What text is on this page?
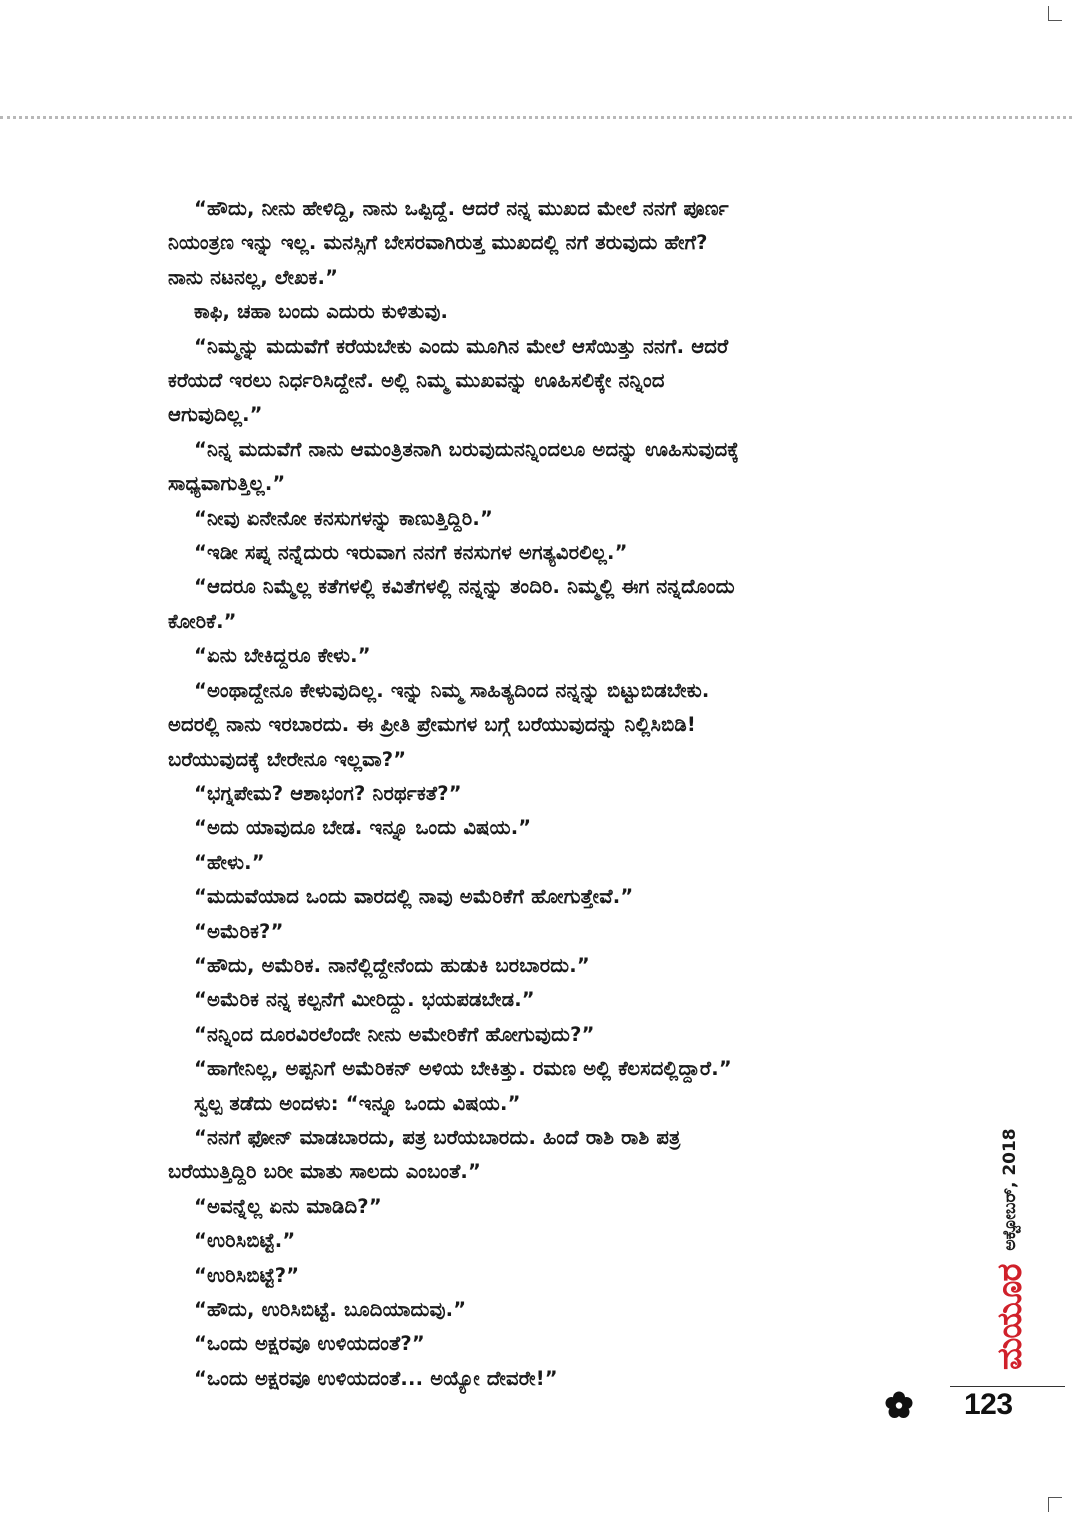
“ಹೌದು, ನೀನು ಹೇಳಿದ್ದಿ, ನಾನು ಒಪ್ಪಿದ್ದೆ. ಆದರೆ ನನ್ನ ಮುಖದ ಮೇಲೆ ನನಗೆ ಪೂರ್ಣ
ನಿಯಂತ್ರಣ ಇನ್ನು ಇಲ್ಲ. ಮನಸ್ಸಿಗೆ ಬೇಸರವಾಗಿರುತ್ತ ಮುಖದಲ್ಲಿ ನಗೆ ತರುವುದು ಹೇಗೆ?
ನಾನು ನಟನಲ್ಲ, ಲೇಖಕ.”

ಕಾಫಿ, ಚಹಾ ಬಂದು ಎದುರು ಕುಳಿತುವು.

“ನಿಮ್ಮನ್ನು ಮದುವೆಗೆ ಕರೆಯಬೇಕು ಎಂದು ಮೂಗಿನ ಮೇಲೆ ಆಸೆಯಿತ್ತು ನನಗೆ. ಆದರೆ
ಕರೆಯದೆ ಇರಲು ನಿರ್ಧರಿಸಿದ್ದೇನೆ. ಅಲ್ಲಿ ನಿಮ್ಮ ಮುಖವನ್ನು ಊಹಿಸಲಿಕ್ಕೇ ನನ್ನಿಂದ
ಆಗುವುದಿಲ್ಲ.”

“ನಿನ್ನ ಮದುವೆಗೆ ನಾನು ಆಮಂತ್ರಿತನಾಗಿ ಬರುವುದುನನ್ನಿಂದಲೂ ಅದನ್ನು ಊಹಿಸುವುದಕ್ಕೆ
ಸಾಧ್ಯವಾಗುತ್ತಿಲ್ಲ.”

“ನೀವು ಏನೇನೋ ಕನಸುಗಳನ್ನು ಕಾಣುತ್ತಿದ್ದಿರಿ.”

“ಇಡೀ ಸಪ್ನ ನನ್ನೆದುರು ಇರುವಾಗ ನನಗೆ ಕನಸುಗಳ ಅಗತ್ಯವಿರಲಿಲ್ಲ.”

“ಆದರೂ ನಿಮ್ಮೆಲ್ಲ ಕತೆಗಳಲ್ಲಿ ಕವಿತೆಗಳಲ್ಲಿ ನನ್ನನ್ನು ತಂದಿರಿ. ನಿಮ್ಮಲ್ಲಿ ಈಗ ನನ್ನದೊಂದು
ಕೋರಿಕೆ.”

“ಏನು ಬೇಕಿದ್ದರೂ ಕೇಳು.”

“ಅಂಥಾದ್ದೇನೂ ಕೇಳುವುದಿಲ್ಲ. ಇನ್ನು ನಿಮ್ಮ ಸಾಹಿತ್ಯದಿಂದ ನನ್ನನ್ನು ಬಿಟ್ಟುಬಿಡಬೇಕು.
ಅದರಲ್ಲಿ ನಾನು ಇರಬಾರದು. ಈ ಪ್ರೀತಿ ಪ್ರೇಮಗಳ ಬಗ್ಗೆ ಬರೆಯುವುದನ್ನು ನಿಲ್ಲಿಸಿಬಿಡಿ!
ಬರೆಯುವುದಕ್ಕೆ ಬೇರೇನೂ ಇಲ್ಲವಾ?”

“ಭಗ್ನಪೇಮ? ಆಶಾಭಂಗ? ನಿರರ್ಥಕತೆ?”

“ಅದು ಯಾವುದೂ ಬೇಡ. ಇನ್ನೂ ಒಂದು ವಿಷಯ.”

“ಹೇಳು.”

“ಮದುವೆಯಾದ ಒಂದು ವಾರದಲ್ಲಿ ನಾವು ಅಮೆರಿಕೆಗೆ ಹೋಗುತ್ತೇವೆ.”

“ಅಮೆರಿಕ?”

“ಹೌದು, ಅಮೆರಿಕ. ನಾನೆಲ್ಲಿದ್ದೇನೆಂದು ಹುಡುಕಿ ಬರಬಾರದು.”

“ಅಮೆರಿಕ ನನ್ನ ಕಲ್ಪನೆಗೆ ಮೀರಿದ್ದು. ಭಯಪಡಬೇಡ.”

“ನನ್ನಿಂದ ದೂರವಿರಲೆಂದೇ ನೀನು ಅಮೇರಿಕೆಗೆ ಹೋಗುವುದು?”

“ಹಾಗೇನಿಲ್ಲ, ಅಪ್ಪನಿಗೆ ಅಮೆರಿಕನ್ ಅಳಿಯ ಬೇಕಿತ್ತು. ರಮಣ ಅಲ್ಲಿ ಕೆಲಸದಲ್ಲಿದ್ದಾರೆ.”

ಸ್ವಲ್ಪ ತಡೆದು ಅಂದಳು: “ಇನ್ನೂ ಒಂದು ವಿಷಯ.”

“ನನಗೆ ಫೋನ್ ಮಾಡಬಾರದು, ಪತ್ರ ಬರೆಯಬಾರದು. ಹಿಂದೆ ರಾಶಿ ರಾಶಿ ಪತ್ರ
ಬರೆಯುತ್ತಿದ್ದಿರಿ ಬರೀ ಮಾತು ಸಾಲದು ಎಂಬಂತೆ.”

“ಅವನ್ನೆಲ್ಲ ಏನು ಮಾಡಿದಿ?”

“ಉರಿಸಿಬಿಟ್ಟೆ.”

“ಉರಿಸಿಬಿಟ್ಟೆ?”

“ಹೌದು, ಉರಿಸಿಬಿಟ್ಟೆ. ಬೂದಿಯಾದುವು.”

“ಒಂದು ಅಕ್ಷರವೂ ಉಳಿಯದಂತೆ?”

“ಒಂದು ಅಕ್ಷರವೂ ಉಳಿಯದಂತೆ... ಅಯ್ಯೋ ದೇವರೇ!”

ಮಯೂರ
ಅಕ್ಟೋಬರ್, 2018
123
